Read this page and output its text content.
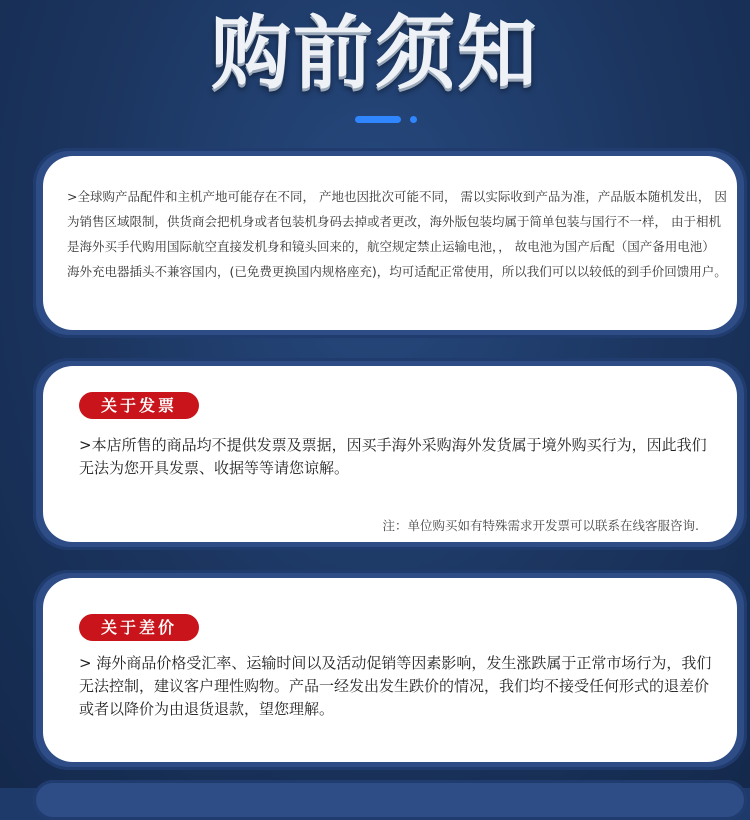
购前须知
>全球购产品配件和主机产地可能存在不同， 产地也因批次可能不同， 需以实际收到产品为准，产品版本随机发出， 因为销售区域限制，供货商会把机身或者包装机身码去掉或者更改，海外版包装均属于简单包装与国行不一样， 由于相机是海外买手代购用国际航空直接发机身和镜头回来的，航空规定禁止运输电池，， 故电池为国产后配（国产备用电池）海外充电器插头不兼容国内，(已免费更换国内规格座充)，均可适配正常使用，所以我们可以以较低的到手价回馈用户。
关于发票
>本店所售的商品均不提供发票及票据，因买手海外采购海外发货属于境外购买行为，因此我们无法为您开具发票、收据等等请您谅解。
注：单位购买如有特殊需求开发票可以联系在线客服咨询.
关于差价
> 海外商品价格受汇率、运输时间以及活动促销等因素影响，发生涨跌属于正常市场行为，我们无法控制，建议客户理性购物。产品一经发出发生跌价的情况，我们均不接受任何形式的退差价或者以降价为由退货退款，望您理解。
